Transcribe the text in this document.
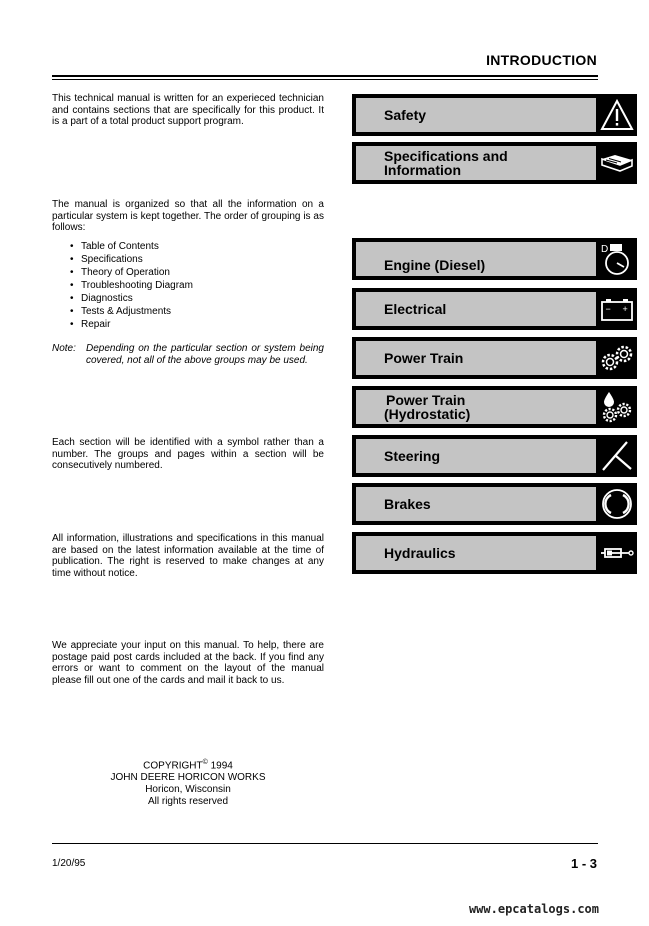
INTRODUCTION
This technical manual is written for an experieced technician and contains sections that are specifically for this product. It is a part of a total product support program.
The manual is organized so that all the information on a particular system is kept together. The order of grouping is as follows:
• Table of Contents
• Specifications
• Theory of Operation
• Troubleshooting Diagram
• Diagnostics
• Tests & Adjustments
• Repair
Note: Depending on the particular section or system being covered, not all of the above groups may be used.
Each section will be identified with a symbol rather than a number. The groups and pages within a section will be consecutively numbered.
All information, illustrations and specifications in this manual are based on the latest information available at the time of publication. The right is reserved to make changes at any time without notice.
We appreciate your input on this manual. To help, there are postage paid post cards included at the back. If you find any errors or want to comment on the layout of the manual please fill out one of the cards and mail it back to us.
COPYRIGHT© 1994
JOHN DEERE HORICON WORKS
Horicon, Wisconsin
All rights reserved
Safety
Specifications and
Information
Engine (Diesel)
D
Electrical	− +
Power Train
Power Train
(Hydrostatic)
Steering
Brakes
Hydraulics
1/20/95	1 - 3
www.epcatalogs.com
